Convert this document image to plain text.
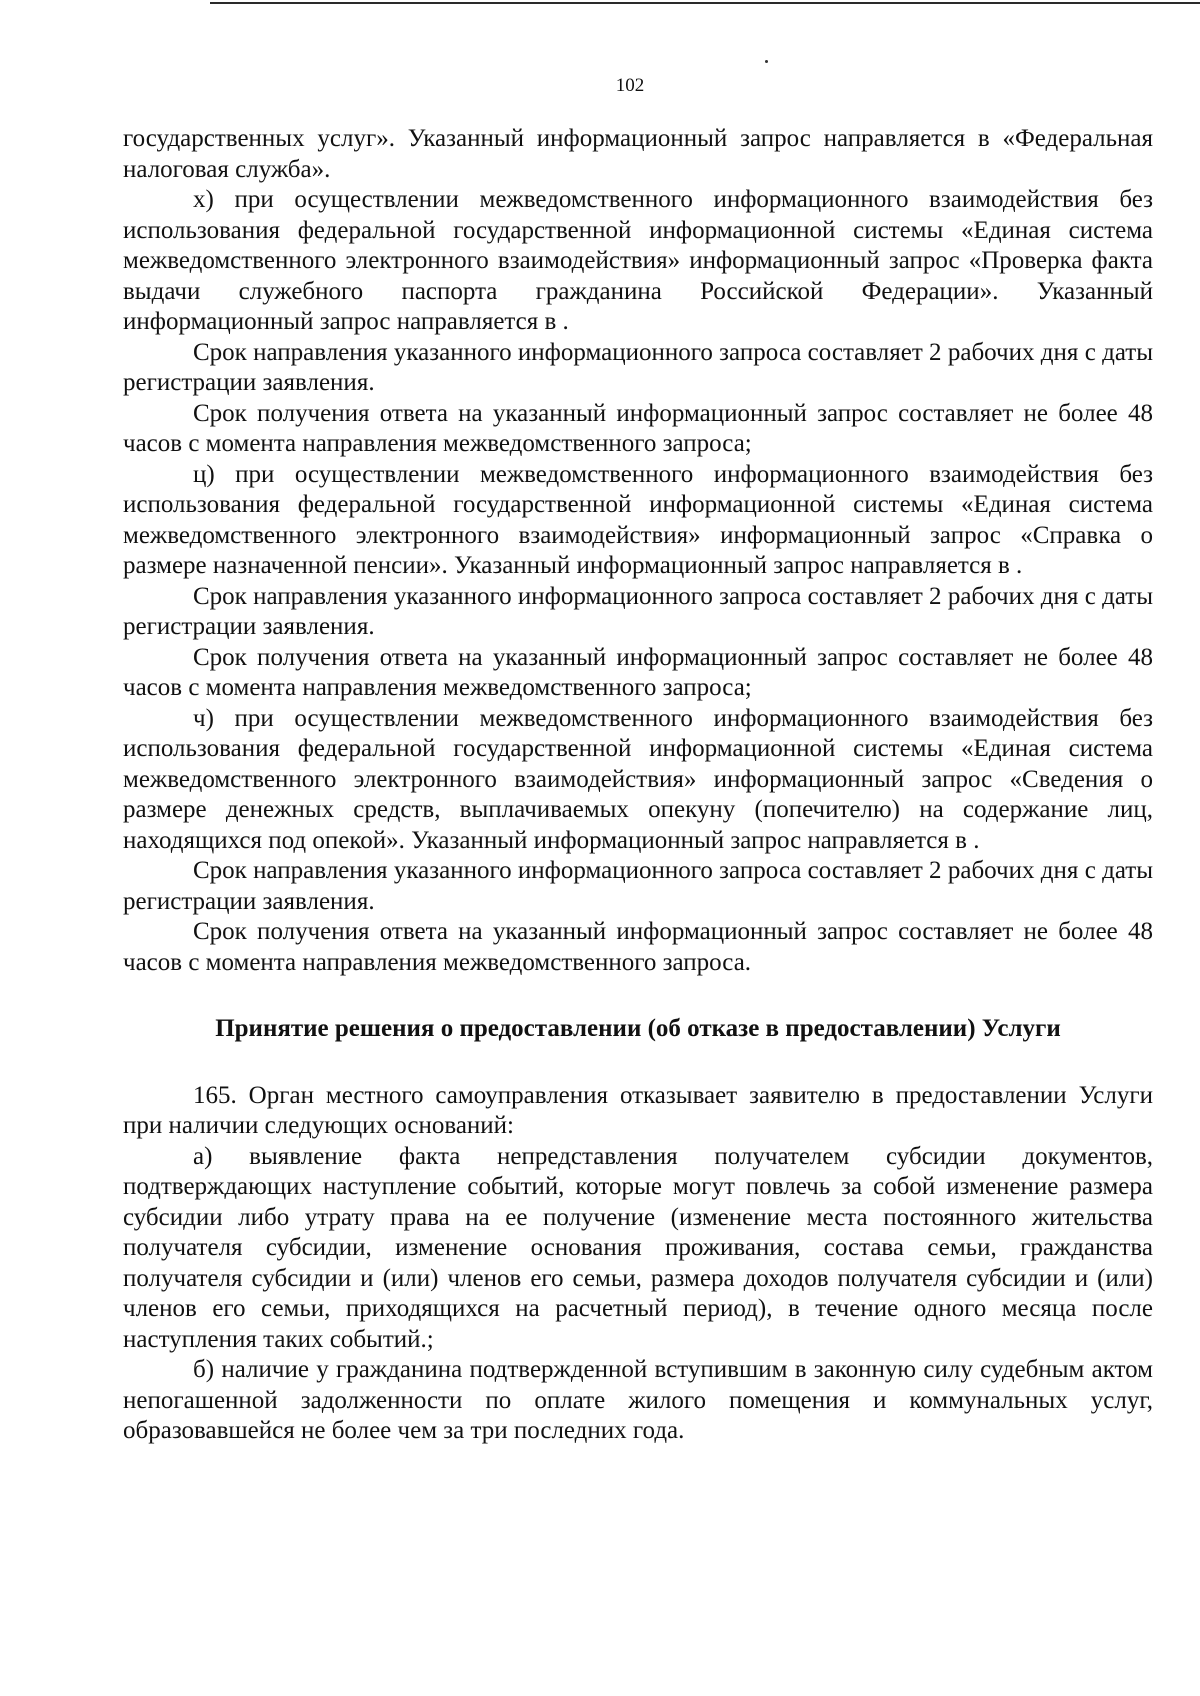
102

государственных услуг». Указанный информационный запрос направляется в «Федеральная налоговая служба».

х) при осуществлении межведомственного информационного взаимодействия без использования федеральной государственной информационной системы «Единая система межведомственного электронного взаимодействия» информационный запрос «Проверка факта выдачи служебного паспорта гражданина Российской Федерации». Указанный информационный запрос направляется в .

Срок направления указанного информационного запроса составляет 2 рабочих дня с даты регистрации заявления.

Срок получения ответа на указанный информационный запрос составляет не более 48 часов с момента направления межведомственного запроса;

ц) при осуществлении межведомственного информационного взаимодействия без использования федеральной государственной информационной системы «Единая система межведомственного электронного взаимодействия» информационный запрос «Справка о размере назначенной пенсии». Указанный информационный запрос направляется в .

Срок направления указанного информационного запроса составляет 2 рабочих дня с даты регистрации заявления.

Срок получения ответа на указанный информационный запрос составляет не более 48 часов с момента направления межведомственного запроса;

ч) при осуществлении межведомственного информационного взаимодействия без использования федеральной государственной информационной системы «Единая система межведомственного электронного взаимодействия» информационный запрос «Сведения о размере денежных средств, выплачиваемых опекуну (попечителю) на содержание лиц, находящихся под опекой». Указанный информационный запрос направляется в .

Срок направления указанного информационного запроса составляет 2 рабочих дня с даты регистрации заявления.

Срок получения ответа на указанный информационный запрос составляет не более 48 часов с момента направления межведомственного запроса.

Принятие решения о предоставлении (об отказе в предоставлении) Услуги

165. Орган местного самоуправления отказывает заявителю в предоставлении Услуги при наличии следующих оснований:

а) выявление факта непредставления получателем субсидии документов, подтверждающих наступление событий, которые могут повлечь за собой изменение размера субсидии либо утрату права на ее получение (изменение места постоянного жительства получателя субсидии, изменение основания проживания, состава семьи, гражданства получателя субсидии и (или) членов его семьи, размера доходов получателя субсидии и (или) членов его семьи, приходящихся на расчетный период), в течение одного месяца после наступления таких событий.;

б) наличие у гражданина подтвержденной вступившим в законную силу судебным актом непогашенной задолженности по оплате жилого помещения и коммунальных услуг, образовавшейся не более чем за три последних года.
